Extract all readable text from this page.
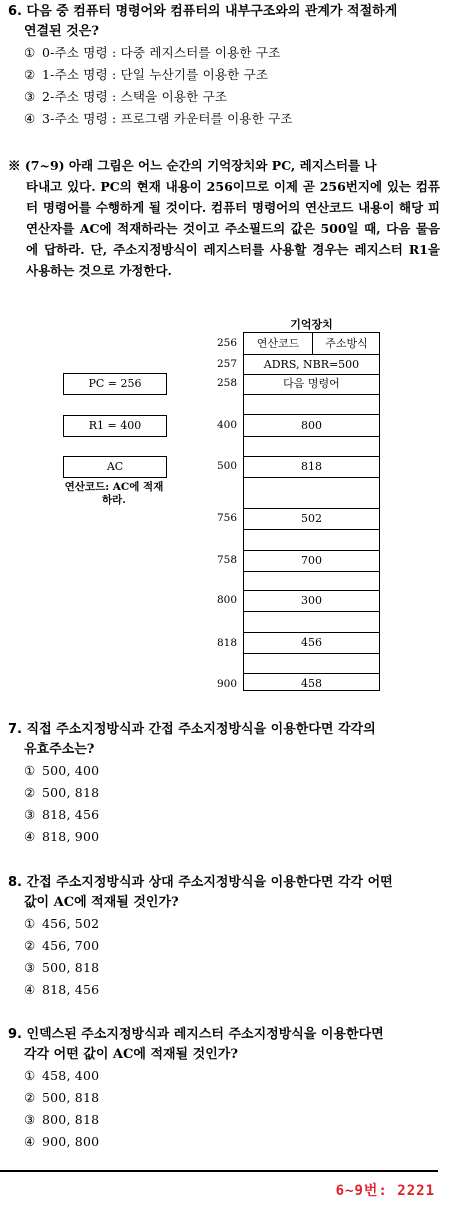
6. 다음 중 컴퓨터 명령어와 컴퓨터의 내부구조와의 관계가 적절하게
연결된 것은?
① 0-주소 명령 : 다중 레지스터를 이용한 구조
② 1-주소 명령 : 단일 누산기를 이용한 구조
③ 2-주소 명령 : 스택을 이용한 구조
④ 3-주소 명령 : 프로그램 카운터를 이용한 구조
※ (7~9) 아래 그림은 어느 순간의 기억장치와 PC, 레지스터를 나
타내고 있다. PC의 현재 내용이 256이므로 이제 곧 256번지에 있는 컴퓨터 명령어를 수행하게 될 것이다. 컴퓨터 명령어의 연산코드 내용이 해당 피연산자를 AC에 적재하라는 것이고 주소필드의 값은 500일 때, 다음 물음에 답하라. 단, 주소지정방식이 레지스터를 사용할 경우는 레지스터 R1을 사용하는 것으로 가정한다.
PC = 256
R1 = 400
AC
연산코드: AC에 적재하라.
기억장치
256
257
258
400
500
756
758
800
818
900
연산코드	주소방식
ADRS, NBR=500
다음 명령어
800
818
502
700
300
456
458
7. 직접 주소지정방식과 간접 주소지정방식을 이용한다면 각각의
유효주소는?
① 500, 400
② 500, 818
③ 818, 456
④ 818, 900
8. 간접 주소지정방식과 상대 주소지정방식을 이용한다면 각각 어떤
값이 AC에 적재될 것인가?
① 456, 502
② 456, 700
③ 500, 818
④ 818, 456
9. 인덱스된 주소지정방식과 레지스터 주소지정방식을 이용한다면
각각 어떤 값이 AC에 적재될 것인가?
① 458, 400
② 500, 818
③ 800, 818
④ 900, 800
6~9번: 2221
